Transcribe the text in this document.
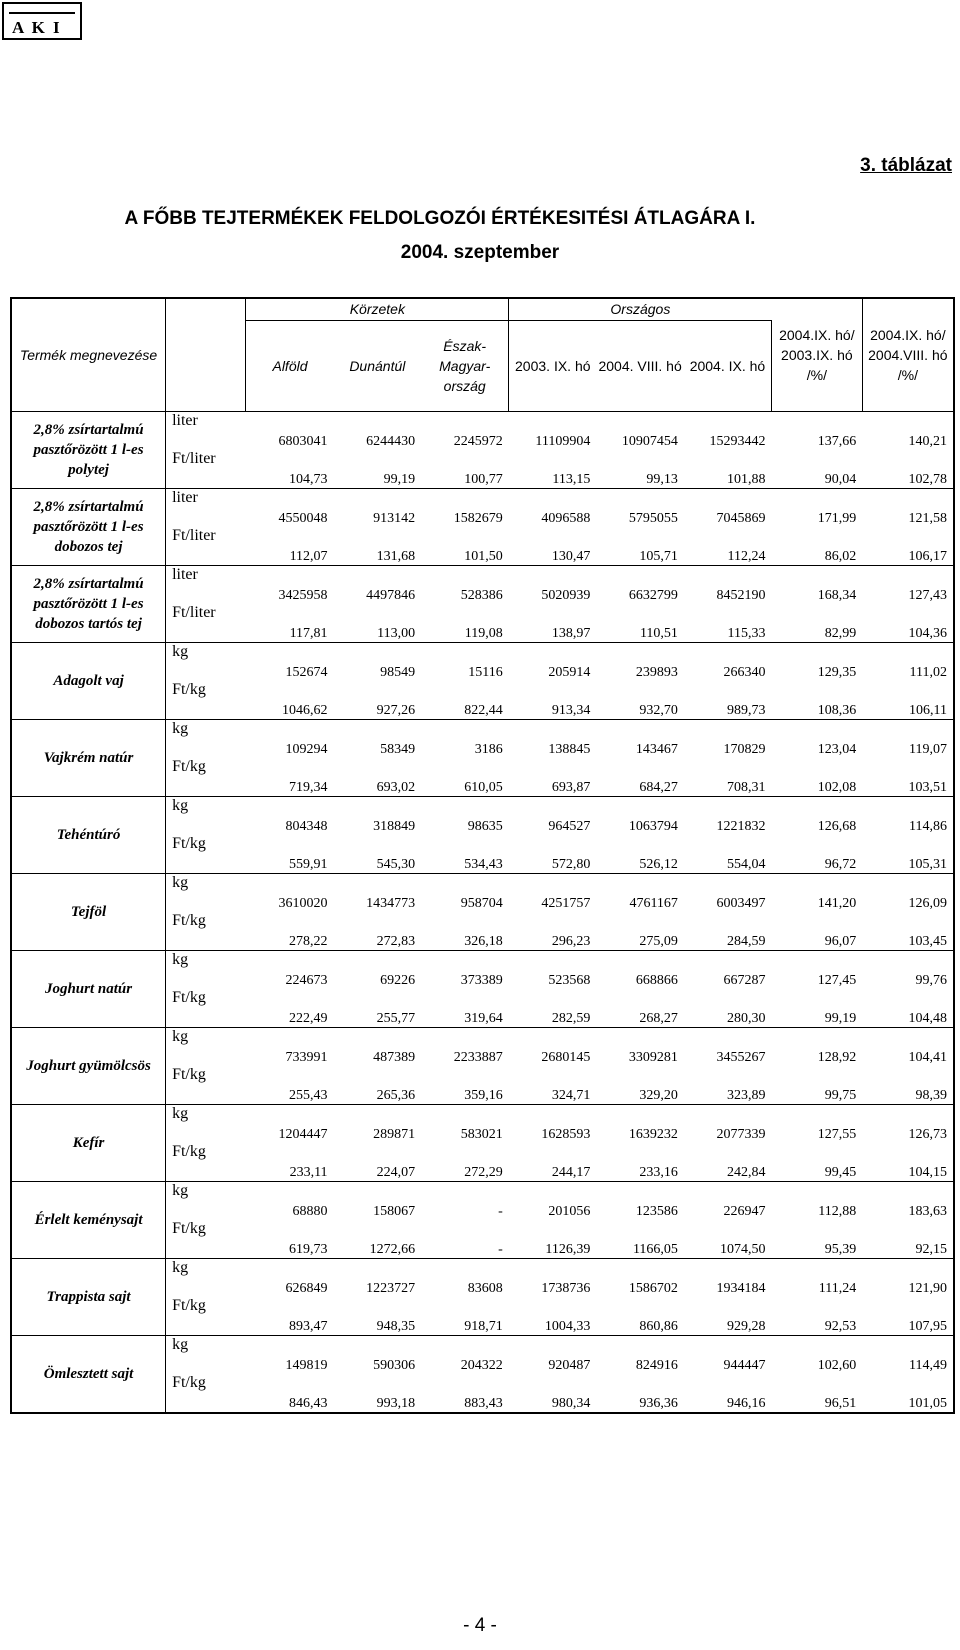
A K I
3. táblázat
A FŐBB TEJTERMÉKEK FELDOLGOZÓI ÉRTÉKESITÉSI ÁTLAGÁRA I.
2004. szeptember
Termék megnevezése		Körzetek			Országos			2004.IX. hó/ 2003.IX. hó /%/	2004.IX. hó/ 2004.VIII. hó /%/
		Alföld	Dunántúl	Észak-Magyar-ország	2003. IX. hó	2004. VIII. hó	2004. IX. hó		
2,8% zsírtartalmú pasztőrözött 1 l-es polytej	liter	6803041	6244430	2245972	11109904	10907454	15293442	137,66	140,21
	Ft/liter	104,73	99,19	100,77	113,15	99,13	101,88	90,04	102,78
2,8% zsírtartalmú pasztőrözött 1 l-es dobozos tej	liter	4550048	913142	1582679	4096588	5795055	7045869	171,99	121,58
	Ft/liter	112,07	131,68	101,50	130,47	105,71	112,24	86,02	106,17
2,8% zsírtartalmú pasztőrözött 1 l-es dobozos tartós tej	liter	3425958	4497846	528386	5020939	6632799	8452190	168,34	127,43
	Ft/liter	117,81	113,00	119,08	138,97	110,51	115,33	82,99	104,36
Adagolt vaj	kg	152674	98549	15116	205914	239893	266340	129,35	111,02
	Ft/kg	1046,62	927,26	822,44	913,34	932,70	989,73	108,36	106,11
Vajkrém natúr	kg	109294	58349	3186	138845	143467	170829	123,04	119,07
	Ft/kg	719,34	693,02	610,05	693,87	684,27	708,31	102,08	103,51
Tehéntúró	kg	804348	318849	98635	964527	1063794	1221832	126,68	114,86
	Ft/kg	559,91	545,30	534,43	572,80	526,12	554,04	96,72	105,31
Tejföl	kg	3610020	1434773	958704	4251757	4761167	6003497	141,20	126,09
	Ft/kg	278,22	272,83	326,18	296,23	275,09	284,59	96,07	103,45
Joghurt natúr	kg	224673	69226	373389	523568	668866	667287	127,45	99,76
	Ft/kg	222,49	255,77	319,64	282,59	268,27	280,30	99,19	104,48
Joghurt gyümölcsös	kg	733991	487389	2233887	2680145	3309281	3455267	128,92	104,41
	Ft/kg	255,43	265,36	359,16	324,71	329,20	323,89	99,75	98,39
Kefír	kg	1204447	289871	583021	1628593	1639232	2077339	127,55	126,73
	Ft/kg	233,11	224,07	272,29	244,17	233,16	242,84	99,45	104,15
Érlelt keménysajt	kg	68880	158067	-	201056	123586	226947	112,88	183,63
	Ft/kg	619,73	1272,66	-	1126,39	1166,05	1074,50	95,39	92,15
Trappista sajt	kg	626849	1223727	83608	1738736	1586702	1934184	111,24	121,90
	Ft/kg	893,47	948,35	918,71	1004,33	860,86	929,28	92,53	107,95
Ömlesztett sajt	kg	149819	590306	204322	920487	824916	944447	102,60	114,49
	Ft/kg	846,43	993,18	883,43	980,34	936,36	946,16	96,51	101,05
- 4 -
